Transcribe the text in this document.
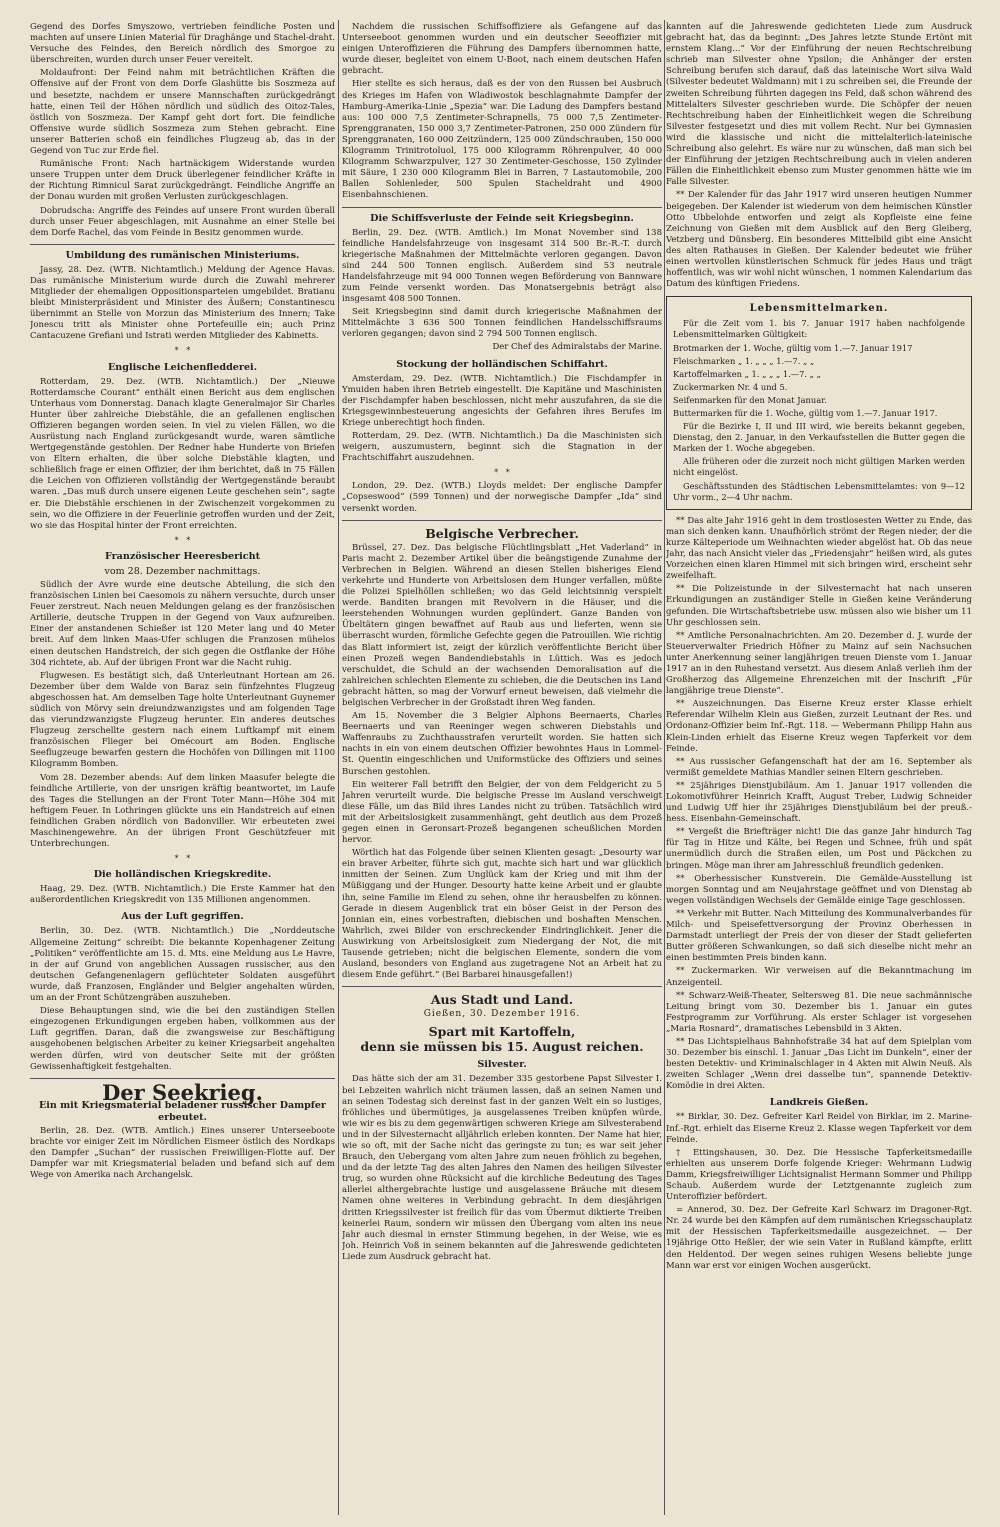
Gegend des Dorfes Smyszowo, vertrieben feindliche Posten und machten auf unsere Linien Material für Draghänge und Stachel-draht. Versuche des Feindes, den Bereich nördlich des Smorgoe zu überschreiten, wurden durch unser Feuer vereitelt.

Moldaufront: Der Feind nahm mit beträchtlichen Kräften die Offensive auf der Front von dem Dorfe Glashütte bis Soszmeza auf und besetzte, nachdem er unsere Mannschaften zurückgedrängt hatte, einen Teil der Höhen nördlich und südlich des Oitoz-Tales, östlich von Soszmeza. Der Kampf geht dort fort. Die feindliche Offensive wurde südlich Soszmeza zum Stehen gebracht. Eine unserer Batterien schoß ein feindliches Flugzeug ab, das in der Gegend von Tuc zur Erde fiel.

Rumänische Front: Nach hartnäckigem Widerstande wurden unsere Truppen unter dem Druck überlegener feindlicher Kräfte in der Richtung Rimnicul Sarat zurückgedrängt. Feindliche Angriffe an der Donau wurden mit großen Verlusten zurückgeschlagen.

Dobrudscha: Angriffe des Feindes auf unsere Front wurden überall durch unser Feuer abgeschlagen, mit Ausnahme an einer Stelle bei dem Dorfe Rachel, das vom Feinde in Besitz genommen wurde.

Umbildung des rumänischen Ministeriums.

Jassy, 28. Dez. (WTB. Nichtamtlich.) Meldung der Agence Havas. Das rumänische Ministerium wurde durch die Zuwahl mehrerer Mitglieder der ehemaligen Oppositionsparteien umgebildet. Bratianu bleibt Ministerpräsident und Minister des Äußern; Constantinescu übernimmt an Stelle von Morzun das Ministerium des Innern; Take Jonescu tritt als Minister ohne Portefeuille ein; auch Prinz Cantacuzene Grefiani und Istrati werden Mitglieder des Kabinetts.

*   *
Englische Leichenfledderei.

Rotterdam, 29. Dez. (WTB. Nichtamtlich.) Der „Nieuwe Rotterdamsche Courant“ enthält einen Bericht aus dem englischen Unterhaus vom Donnerstag. Danach klagte Generalmajor Sir Charles Hunter über zahlreiche Diebstähle, die an gefallenen englischen Offizieren begangen worden seien. In viel zu vielen Fällen, wo die Ausrüstung nach England zurückgesandt wurde, waren sämtliche Wertgegenstände gestohlen. Der Redner habe Hunderte von Briefen von Eltern erhalten, die über solche Diebstähle klagten, und schließlich frage er einen Offizier, der ihm berichtet, daß in 75 Fällen die Leichen von Offizieren vollständig der Wertgegenstände beraubt waren. „Das muß durch unsere eigenen Leute geschehen sein“, sagte er. Die Diebstähle erschienen in der Zwischenzeit vorgekommen zu sein, wo die Offiziere in der Feuerlinie getroffen wurden und der Zeit, wo sie das Hospital hinter der Front erreichten.

*   *
Französischer Heeresbericht
vom 28. Dezember nachmittags.

Südlich der Avre wurde eine deutsche Abteilung, die sich den französischen Linien bei Caesomois zu nähern versuchte, durch unser Feuer zerstreut. Nach neuen Meldungen gelang es der französischen Artillerie, deutsche Truppen in der Gegend von Vaux aufzureiben. Einer der anstandenen Schießer ist 120 Meter lang und 40 Meter breit. Auf dem linken Maas-Ufer schlugen die Franzosen mühelos einen deutschen Handstreich, der sich gegen die Ostflanke der Höhe 304 richtete, ab. Auf der übrigen Front war die Nacht ruhig.

Flugwesen. Es bestätigt sich, daß Unterleutnant Hortean am 26. Dezember über dem Walde von Baraz sein fünfzehntes Flugzeug abgeschossen hat. Am demselben Tage holte Unterleutnant Guynemer südlich von Mörvy sein dreiundzwanzigstes und am folgenden Tage das vierundzwanzigste Flugzeug herunter. Ein anderes deutsches Flugzeug zerschellte gestern nach einem Luftkampf mit einem französischen Flieger bei Omécourt am Boden. Englische Seeflugzeuge bewarfen gestern die Hochöfen von Dillingen mit 1100 Kilogramm Bomben.

Vom 28. Dezember abends: Auf dem linken Maasufer belegte die feindliche Artillerie, von der unsrigen kräftig beantwortet, im Laufe des Tages die Stellungen an der Front Toter Mann—Höhe 304 mit heftigem Feuer. In Lothringen glückte uns ein Handstreich auf einen feindlichen Graben nördlich von Badonviller. Wir erbeuteten zwei Maschinengewehre. An der übrigen Front Geschützfeuer mit Unterbrechungen.

*   *
Die holländischen Kriegskredite.

Haag, 29. Dez. (WTB. Nichtamtlich.) Die Erste Kammer hat den außerordentlichen Kriegskredit von 135 Millionen angenommen.

Aus der Luft gegriffen.

Berlin, 30. Dez. (WTB. Nichtamtlich.) Die „Norddeutsche Allgemeine Zeitung“ schreibt: Die bekannte Kopenhagener Zeitung „Politiken“ veröffentlichte am 15. d. Mts. eine Meldung aus Le Havre, in der auf Grund von angeblichen Aussagen russischer, aus den deutschen Gefangenenlagern geflüchteter Soldaten ausgeführt wurde, daß Franzosen, Engländer und Belgier angehalten würden, um an der Front Schützengräben auszuheben.

Diese Behauptungen sind, wie die bei den zuständigen Stellen eingezogenen Erkundigungen ergeben haben, vollkommen aus der Luft gegriffen. Daran, daß die zwangsweise zur Beschäftigung ausgehobenen belgischen Arbeiter zu keiner Kriegsarbeit angehalten werden dürfen, wird von deutscher Seite mit der größten Gewissenhaftigkeit festgehalten.

Der Seekrieg.
Ein mit Kriegsmaterial beladener russischer Dampfer erbeutet.

Berlin, 28. Dez. (WTB. Amtlich.) Eines unserer Unterseeboote brachte vor einiger Zeit im Nördlichen Eismeer östlich des Nordkaps den Dampfer „Suchan“ der russischen Freiwilligen-Flotte auf. Der Dampfer war mit Kriegsmaterial beladen und befand sich auf dem Wege von Amerika nach Archangelsk.

Nachdem die russischen Schiffsoffiziere als Gefangene auf das Unterseeboot genommen wurden und ein deutscher Seeoffizier mit einigen Unteroffizieren die Führung des Dampfers übernommen hatte, wurde dieser, begleitet von einem U-Boot, nach einem deutschen Hafen gebracht.

Hier stellte es sich heraus, daß es der von den Russen bei Ausbruch des Krieges im Hafen von Wladiwostok beschlagnahmte Dampfer der Hamburg-Amerika-Linie „Spezia“ war. Die Ladung des Dampfers bestand aus: 100 000 7,5 Zentimeter-Schrapnells, 75 000 7,5 Zentimeter-Sprenggranaten, 150 000 3,7 Zentimeter-Patronen, 250 000 Zündern für Sprenggranaten, 160 000 Zeitzündern, 125 000 Zündschrauben, 150 000 Kilogramm Trinitrotoluol, 175 000 Kilogramm Röhrenpulver, 40 000 Kilogramm Schwarzpulver, 127 30 Zentimeter-Geschosse, 150 Zylinder mit Säure, 1 230 000 Kilogramm Blei in Barren, 7 Lastautomobile, 200 Ballen Sohlenleder, 500 Spulen Stacheldraht und 4900 Eisenbahnschienen.

Die Schiffsverluste der Feinde seit Kriegsbeginn.

Berlin, 29. Dez. (WTB. Amtlich.) Im Monat November sind 138 feindliche Handelsfahrzeuge von insgesamt 314 500 Br.-R.-T. durch kriegerische Maßnahmen der Mittelmächte verloren gegangen. Davon sind 244 500 Tonnen englisch. Außerdem sind 53 neutrale Handelsfahrzeuge mit 94 000 Tonnen wegen Beförderung von Bannware zum Feinde versenkt worden. Das Monatsergebnis beträgt also insgesamt 408 500 Tonnen.

Seit Kriegsbeginn sind damit durch kriegerische Maßnahmen der Mittelmächte 3 636 500 Tonnen feindlichen Handelsschiffsraums verloren gegangen; davon sind 2 794 500 Tonnen englisch.

Der Chef des Admiralstabs der Marine.

Stockung der holländischen Schiffahrt.

Amsterdam, 29. Dez. (WTB. Nichtamtlich.) Die Fischdampfer in Ymuiden haben ihren Betrieb eingestellt. Die Kapitäne und Maschinisten der Fischdampfer haben beschlossen, nicht mehr auszufahren, da sie die Kriegsgewinnbesteuerung angesichts der Gefahren ihres Berufes im Kriege unberechtigt hoch finden.

Rotterdam, 29. Dez. (WTB. Nichtamtlich.) Da die Maschinisten sich weigern, auszumustern, beginnt sich die Stagnation in der Frachtschiffahrt auszudehnen.

*   *

London, 29. Dez. (WTB.) Lloyds meldet: Der englische Dampfer „Copseswood“ (599 Tonnen) und der norwegische Dampfer „Ida“ sind versenkt worden.

Belgische Verbrecher.

Brüssel, 27. Dez. Das belgische Flüchtlingsblatt „Het Vaderland“ in Paris macht 2. Dezember Artikel über die beängstigende Zunahme der Verbrechen in Belgien. Während an diesen Stellen bisheriges Elend verkehrte und Hunderte von Arbeitslosen dem Hunger verfallen, müßte die Polizei Spielhöllen schließen; wo das Geld leichtsinnig verspielt werde. Banditen brangen mit Revolvern in die Häuser, und die leerstehenden Wohnungen wurden geplündert. Ganze Banden von Übeltätern gingen bewaffnet auf Raub aus und lieferten, wenn sie überrascht wurden, förmliche Gefechte gegen die Patrouillen. Wie richtig das Blatt informiert ist, zeigt der kürzlich veröffentlichte Bericht über einen Prozeß wegen Bandendiebstahls in Lüttich. Was es jedoch verschuldet, die Schuld an der wachsenden Demoralisation auf die zahlreichen schlechten Elemente zu schieben, die die Deutschen ins Land gebracht hätten, so mag der Vorwurf erneut beweisen, daß vielmehr die belgischen Verbrecher in der Großstadt ihren Weg fanden.

Am 15. November die 3 Belgier Alphons Beernaerts, Charles Beernaerts und van Reeninger wegen schweren Diebstahls und Waffenraubs zu Zuchthausstrafen verurteilt worden. Sie hatten sich nachts in ein von einem deutschen Offizier bewohntes Haus in Lommel-St. Quentin eingeschlichen und Uniformstücke des Offiziers und seines Burschen gestohlen.

Ein weiterer Fall betrifft den Belgier, der von dem Feldgericht zu 5 Jahren verurteilt wurde. Die belgische Presse im Ausland verschweigt diese Fälle, um das Bild ihres Landes nicht zu trüben. Tatsächlich wird mit der Arbeitslosigkeit zusammenhängt, geht deutlich aus dem Prozeß gegen einen in Geronsart-Prozeß begangenen scheußlichen Morden hervor.

Wörtlich hat das Folgende über seinen Klienten gesagt: „Desourty war ein braver Arbeiter, führte sich gut, machte sich hart und war glücklich inmitten der Seinen. Zum Unglück kam der Krieg und mit ihm der Müßiggang und der Hunger. Desourty hatte keine Arbeit und er glaubte ihn, seine Familie im Elend zu sehen, ohne ihr herausbelfen zu können. Gerade in diesem Augenblick trat ein böser Geist in der Person des Jonnian ein, eines vorbestraften, diebischen und boshaften Menschen. Wahrlich, zwei Bilder von erschreckender Eindringlichkeit. Jener die Auswirkung von Arbeitslosigkeit zum Niedergang der Not, die mit Tausende getrieben; nicht die belgischen Elemente, sondern die vom Ausland, besonders von England aus zugetragene Not an Arbeit hat zu diesem Ende geführt.“ (Bei Barbarei hinausgefallen!)

Aus Stadt und Land.
Gießen, 30. Dezember 1916.
Spart mit Kartoffeln,
denn sie müssen bis 15. August reichen.
Silvester.

Das hätte sich der am 31. Dezember 335 gestorbene Papst Silvester I. bei Lebzeiten wahrlich nicht träumen lassen, daß an seinen Namen und an seinen Todestag sich dereinst fast in der ganzen Welt ein so lustiges, fröhliches und übermütiges, ja ausgelassenes Treiben knüpfen würde, wie wir es bis zu dem gegenwärtigen schweren Kriege am Silvesterabend und in der Silvesternacht alljährlich erleben konnten. Der Name hat hier, wie so oft, mit der Sache nicht das geringste zu tun; es war seit jeher Brauch, den Uebergang vom alten Jahre zum neuen fröhlich zu begehen, und da der letzte Tag des alten Jahres den Namen des heiligen Silvester trug, so wurden ohne Rücksicht auf die kirchliche Bedeutung des Tages allerlei althergebrachte lustige und ausgelassene Bräuche mit diesem Namen ohne weiteres in Verbindung gebracht. In dem diesjährigen dritten Kriegssilvester ist freilich für das vom Übermut diktierte Treiben keinerlei Raum, sondern wir müssen den Übergang vom alten ins neue Jahr auch diesmal in ernster Stimmung begehen, in der Weise, wie es Joh. Heinrich Voß in seinem bekannten auf die Jahreswende gedichteten Liede zum Ausdruck gebracht hat.

kannten auf die Jahreswende gedichteten Liede zum Ausdruck gebracht hat, das da beginnt: „Des Jahres letzte Stunde Ertönt mit ernstem Klang...“ Vor der Einführung der neuen Rechtschreibung schrieb man Silvester ohne Ypsilon; die Anhänger der ersten Schreibung berufen sich darauf, daß das lateinische Wort silva Wald (Silvester bedeutet Waldmann) mit i zu schreiben sei, die Freunde der zweiten Schreibung führten dagegen ins Feld, daß schon während des Mittelalters Silvester geschrieben wurde. Die Schöpfer der neuen Rechtschreibung haben der Einheitlichkeit wegen die Schreibung Silvester festgesetzt und dies mit vollem Recht. Nur bei Gymnasien wird die klassische und nicht die mittelalterlich-lateinische Schreibung also gelehrt. Es wäre nur zu wünschen, daß man sich bei der Einführung der jetzigen Rechtschreibung auch in vielen anderen Fällen die Einheitlichkeit ebenso zum Muster genommen hätte wie im Falle Silvester.

** Der Kalender für das Jahr 1917 wird unseren heutigen Nummer beigegeben. Der Kalender ist wiederum von dem heimischen Künstler Otto Ubbelohde entworfen und zeigt als Kopfleiste eine feine Zeichnung von Gießen mit dem Ausblick auf den Berg Gleiberg, Vetzberg und Dünsberg. Ein besonderes Mittelbild gibt eine Ansicht des alten Rathauses in Gießen. Der Kalender bedeutet wie früher einen wertvollen künstlerischen Schmuck für jedes Haus und trägt hoffentlich, was wir wohl nicht wünschen, 1 nommen Kalendarium das Datum des künftigen Friedens.

Lebensmittelmarken.

Für die Zeit vom 1. bis 7. Januar 1917 haben nachfolgende Lebensmittelmarken Gültigkeit:

Brotmarken der 1. Woche, gültig vom 1.—7. Januar 1917

Fleischmarken „ 1. „ „ „ 1.—7. „ „

Kartoffelmarken „ 1. „ „ „ 1.—7. „ „

Zuckermarken Nr. 4 und 5.

Seifenmarken für den Monat Januar.

Buttermarken für die 1. Woche, gültig vom 1.—7. Januar 1917.

Für die Bezirke I, II und III wird, wie bereits bekannt gegeben, Dienstag, den 2. Januar, in den Verkaufsstellen die Butter gegen die Marken der 1. Woche abgegeben.

Alle früheren oder die zurzeit noch nicht gültigen Marken werden nicht eingelöst.

Geschäftsstunden des Städtischen Lebensmittelamtes: von 9—12 Uhr vorm., 2—4 Uhr nachm.

** Das alte Jahr 1916 geht in dem trostlosesten Wetter zu Ende, das man sich denken kann. Unaufhörlich strömt der Regen nieder, der die kurze Kälteperiode um Weihnachten wieder abgelöst hat. Ob das neue Jahr, das nach Ansicht vieler das „Friedensjahr“ heißen wird, als gutes Vorzeichen einen klaren Himmel mit sich bringen wird, erscheint sehr zweifelhaft.

** Die Polizeistunde in der Silvesternacht hat nach unseren Erkundigungen an zuständiger Stelle in Gießen keine Veränderung gefunden. Die Wirtschaftsbetriebe usw. müssen also wie bisher um 11 Uhr geschlossen sein.

** Amtliche Personalnachrichten. Am 20. Dezember d. J. wurde der Steuerverwalter Friedrich Höfner zu Mainz auf sein Nachsuchen unter Anerkennung seiner langjährigen treuen Dienste vom 1. Januar 1917 an in den Ruhestand versetzt. Aus diesem Anlaß verlieh ihm der Großherzog das Allgemeine Ehrenzeichen mit der Inschrift „Für langjährige treue Dienste“.

** Auszeichnungen. Das Eiserne Kreuz erster Klasse erhielt Referendar Wilhelm Klein aus Gießen, zurzeit Leutnant der Res. und Ordonanz-Offizier beim Inf.-Rgt. 118. — Webermann Philipp Hahn aus Klein-Linden erhielt das Eiserne Kreuz wegen Tapferkeit vor dem Feinde.

** Aus russischer Gefangenschaft hat der am 16. September als vermißt gemeldete Mathias Mandler seinen Eltern geschrieben.

** 25jähriges Dienstjubiläum. Am 1. Januar 1917 vollenden die Lokomotivführer Heinrich Krafft, August Treber, Ludwig Schneider und Ludwig Uff hier ihr 25jähriges Dienstjubiläum bei der preuß.-hess. Eisenbahn-Gemeinschaft.

** Vergeßt die Briefträger nicht! Die das ganze Jahr hindurch Tag für Tag in Hitze und Kälte, bei Regen und Schnee, früh und spät unermüdlich durch die Straßen eilen, um Post und Päckchen zu bringen. Möge man ihrer am Jahresschluß freundlich gedenken.

** Oberhessischer Kunstverein. Die Gemälde-Ausstellung ist morgen Sonntag und am Neujahrstage geöffnet und von Dienstag ab wegen vollständigen Wechsels der Gemälde einige Tage geschlossen.

** Verkehr mit Butter. Nach Mitteilung des Kommunalverbandes für Milch- und Speisefettversorgung der Provinz Oberhessen in Darmstadt unterliegt der Preis der von dieser der Stadt gelieferten Butter größeren Schwankungen, so daß sich dieselbe nicht mehr an einen bestimmten Preis binden kann.

** Zuckermarken. Wir verweisen auf die Bekanntmachung im Anzeigenteil.

** Schwarz-Weiß-Theater, Seltersweg 81. Die neue sachmännische Leitung bringt vom 30. Dezember bis 1. Januar ein gutes Festprogramm zur Vorführung. Als erster Schlager ist vorgesehen „Maria Rosnard“, dramatisches Lebensbild in 3 Akten.

** Das Lichtspielhaus Bahnhofstraße 34 hat auf dem Spielplan vom 30. Dezember bis einschl. 1. Januar „Das Licht im Dunkeln“, einer der besten Detektiv- und Kriminalschlager in 4 Akten mit Alwin Neuß. Als zweiten Schlager „Wenn drei dasselbe tun“, spannende Detektiv-Komödie in drei Akten.

Landkreis Gießen.

** Birklar, 30. Dez. Gefreiter Karl Reidel von Birklar, im 2. Marine-Inf.-Rgt. erhielt das Eiserne Kreuz 2. Klasse wegen Tapferkeit vor dem Feinde.

† Ettingshausen, 30. Dez. Die Hessische Tapferkeitsmedaille erhielten aus unserem Dorfe folgende Krieger: Wehrmann Ludwig Damm, Kriegsfreiwilliger Lichtsignalist Hermann Sommer und Philipp Schaub. Außerdem wurde der Letztgenannte zugleich zum Unteroffizier befördert.

= Annerod, 30. Dez. Der Gefreite Karl Schwarz im Dragoner-Rgt. Nr. 24 wurde bei den Kämpfen auf dem rumänischen Kriegsschauplatz mit der Hessischen Tapferkeitsmedaille ausgezeichnet. — Der 19jährige Otto Heßler, der wie sein Vater in Rußland kämpfte, erlitt den Heldentod. Der wegen seines ruhigen Wesens beliebte junge Mann war erst vor einigen Wochen ausgerückt.
